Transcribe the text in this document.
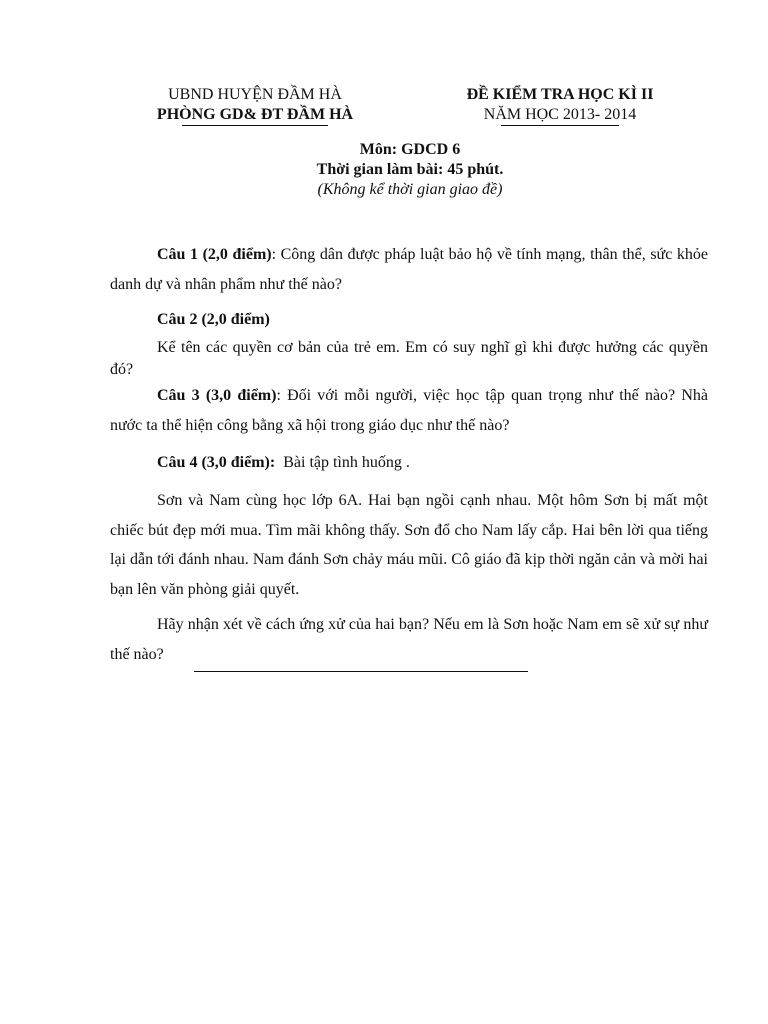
UBND HUYỆN ĐẦM HÀ
PHÒNG GD& ĐT ĐẦM HÀ
ĐỀ KIỂM TRA HỌC KÌ II
NĂM HỌC 2013- 2014
Môn: GDCD 6
Thời gian làm bài: 45 phút.
(Không kể thời gian giao đề)

Câu 1 (2,0 điểm): Công dân được pháp luật bảo hộ về tính mạng, thân thể, sức khỏe danh dự và nhân phẩm như thế nào?

Câu 2 (2,0 điểm)

Kể tên các quyền cơ bản của trẻ em. Em có suy nghĩ gì khi được hưởng các quyền đó?

Câu 3 (3,0 điểm): Đối với mỗi người, việc học tập quan trọng như thế nào? Nhà nước ta thể hiện công bằng xã hội trong giáo dục như thế nào?

Câu 4 (3,0 điểm): Bài tập tình huống .

Sơn và Nam cùng học lớp 6A. Hai bạn ngồi cạnh nhau. Một hôm Sơn bị mất một chiếc bút đẹp mới mua. Tìm mãi không thấy. Sơn đổ cho Nam lấy cắp. Hai bên lời qua tiếng lại dẫn tới đánh nhau. Nam đánh Sơn chảy máu mũi. Cô giáo đã kịp thời ngăn cản và mời hai bạn lên văn phòng giải quyết.

Hãy nhận xét về cách ứng xử của hai bạn? Nếu em là Sơn hoặc Nam em sẽ xử sự như thế nào?
